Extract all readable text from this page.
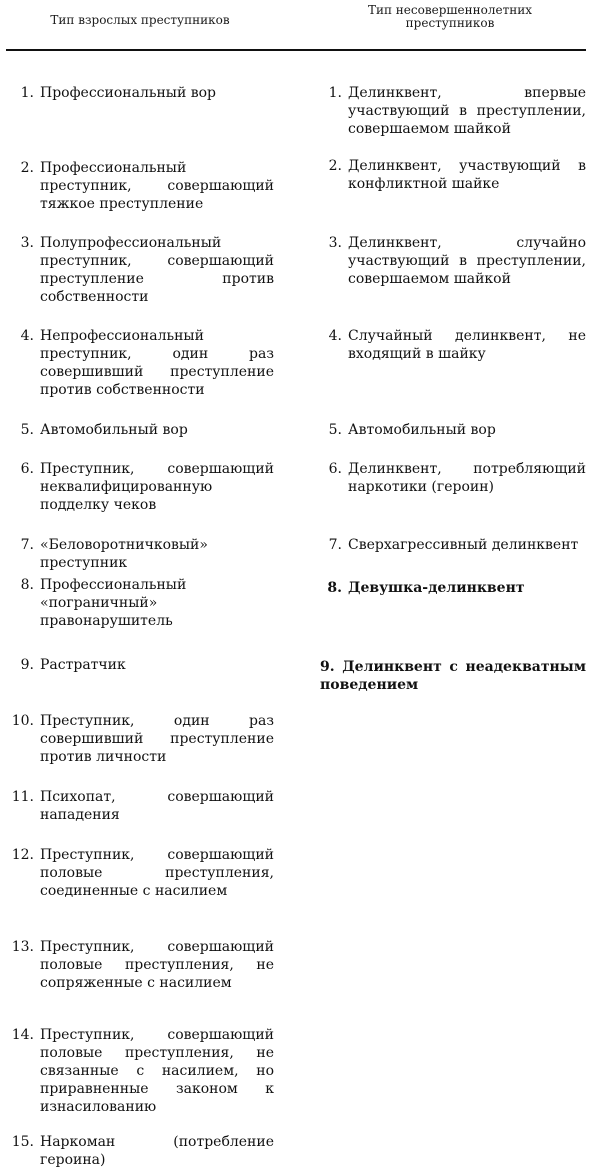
Тип взрослых преступников
Тип несовершеннолетних преступников
1. Профессиональный вор
2. Профессиональный преступник, совершающий тяжкое преступление
3. Полупрофессиональный преступник, совершающий преступление против собственности
4. Непрофессиональный преступник, один раз совершивший преступление против собственности
5. Автомобильный вор
6. Преступник, совершающий неквалифицированную подделку чеков
7. «Беловоротничковый» преступник
8. Профессиональный «пограничный» правонарушитель
9. Растратчик
10. Преступник, один раз совершивший преступление против личности
11. Психопат, совершающий нападения
12. Преступник, совершающий половые преступления, соединенные с насилием
13. Преступник, совершающий половые преступления, не сопряженные с насилием
14. Преступник, совершающий половые преступления, не связанные с насилием, но приравненные законом к изнасилованию
15. Наркоман (потребление героина)
1. Делинквент, впервые участвующий в преступлении, совершаемом шайкой
2. Делинквент, участвующий в конфликтной шайке
3. Делинквент, случайно участвующий в преступлении, совершаемом шайкой
4. Случайный делинквент, не входящий в шайку
5. Автомобильный вор
6. Делинквент, потребляющий наркотики (героин)
7. Сверхагрессивный делинквент
8. Девушка-делинквент
9. Делинквент с неадекватным поведением
